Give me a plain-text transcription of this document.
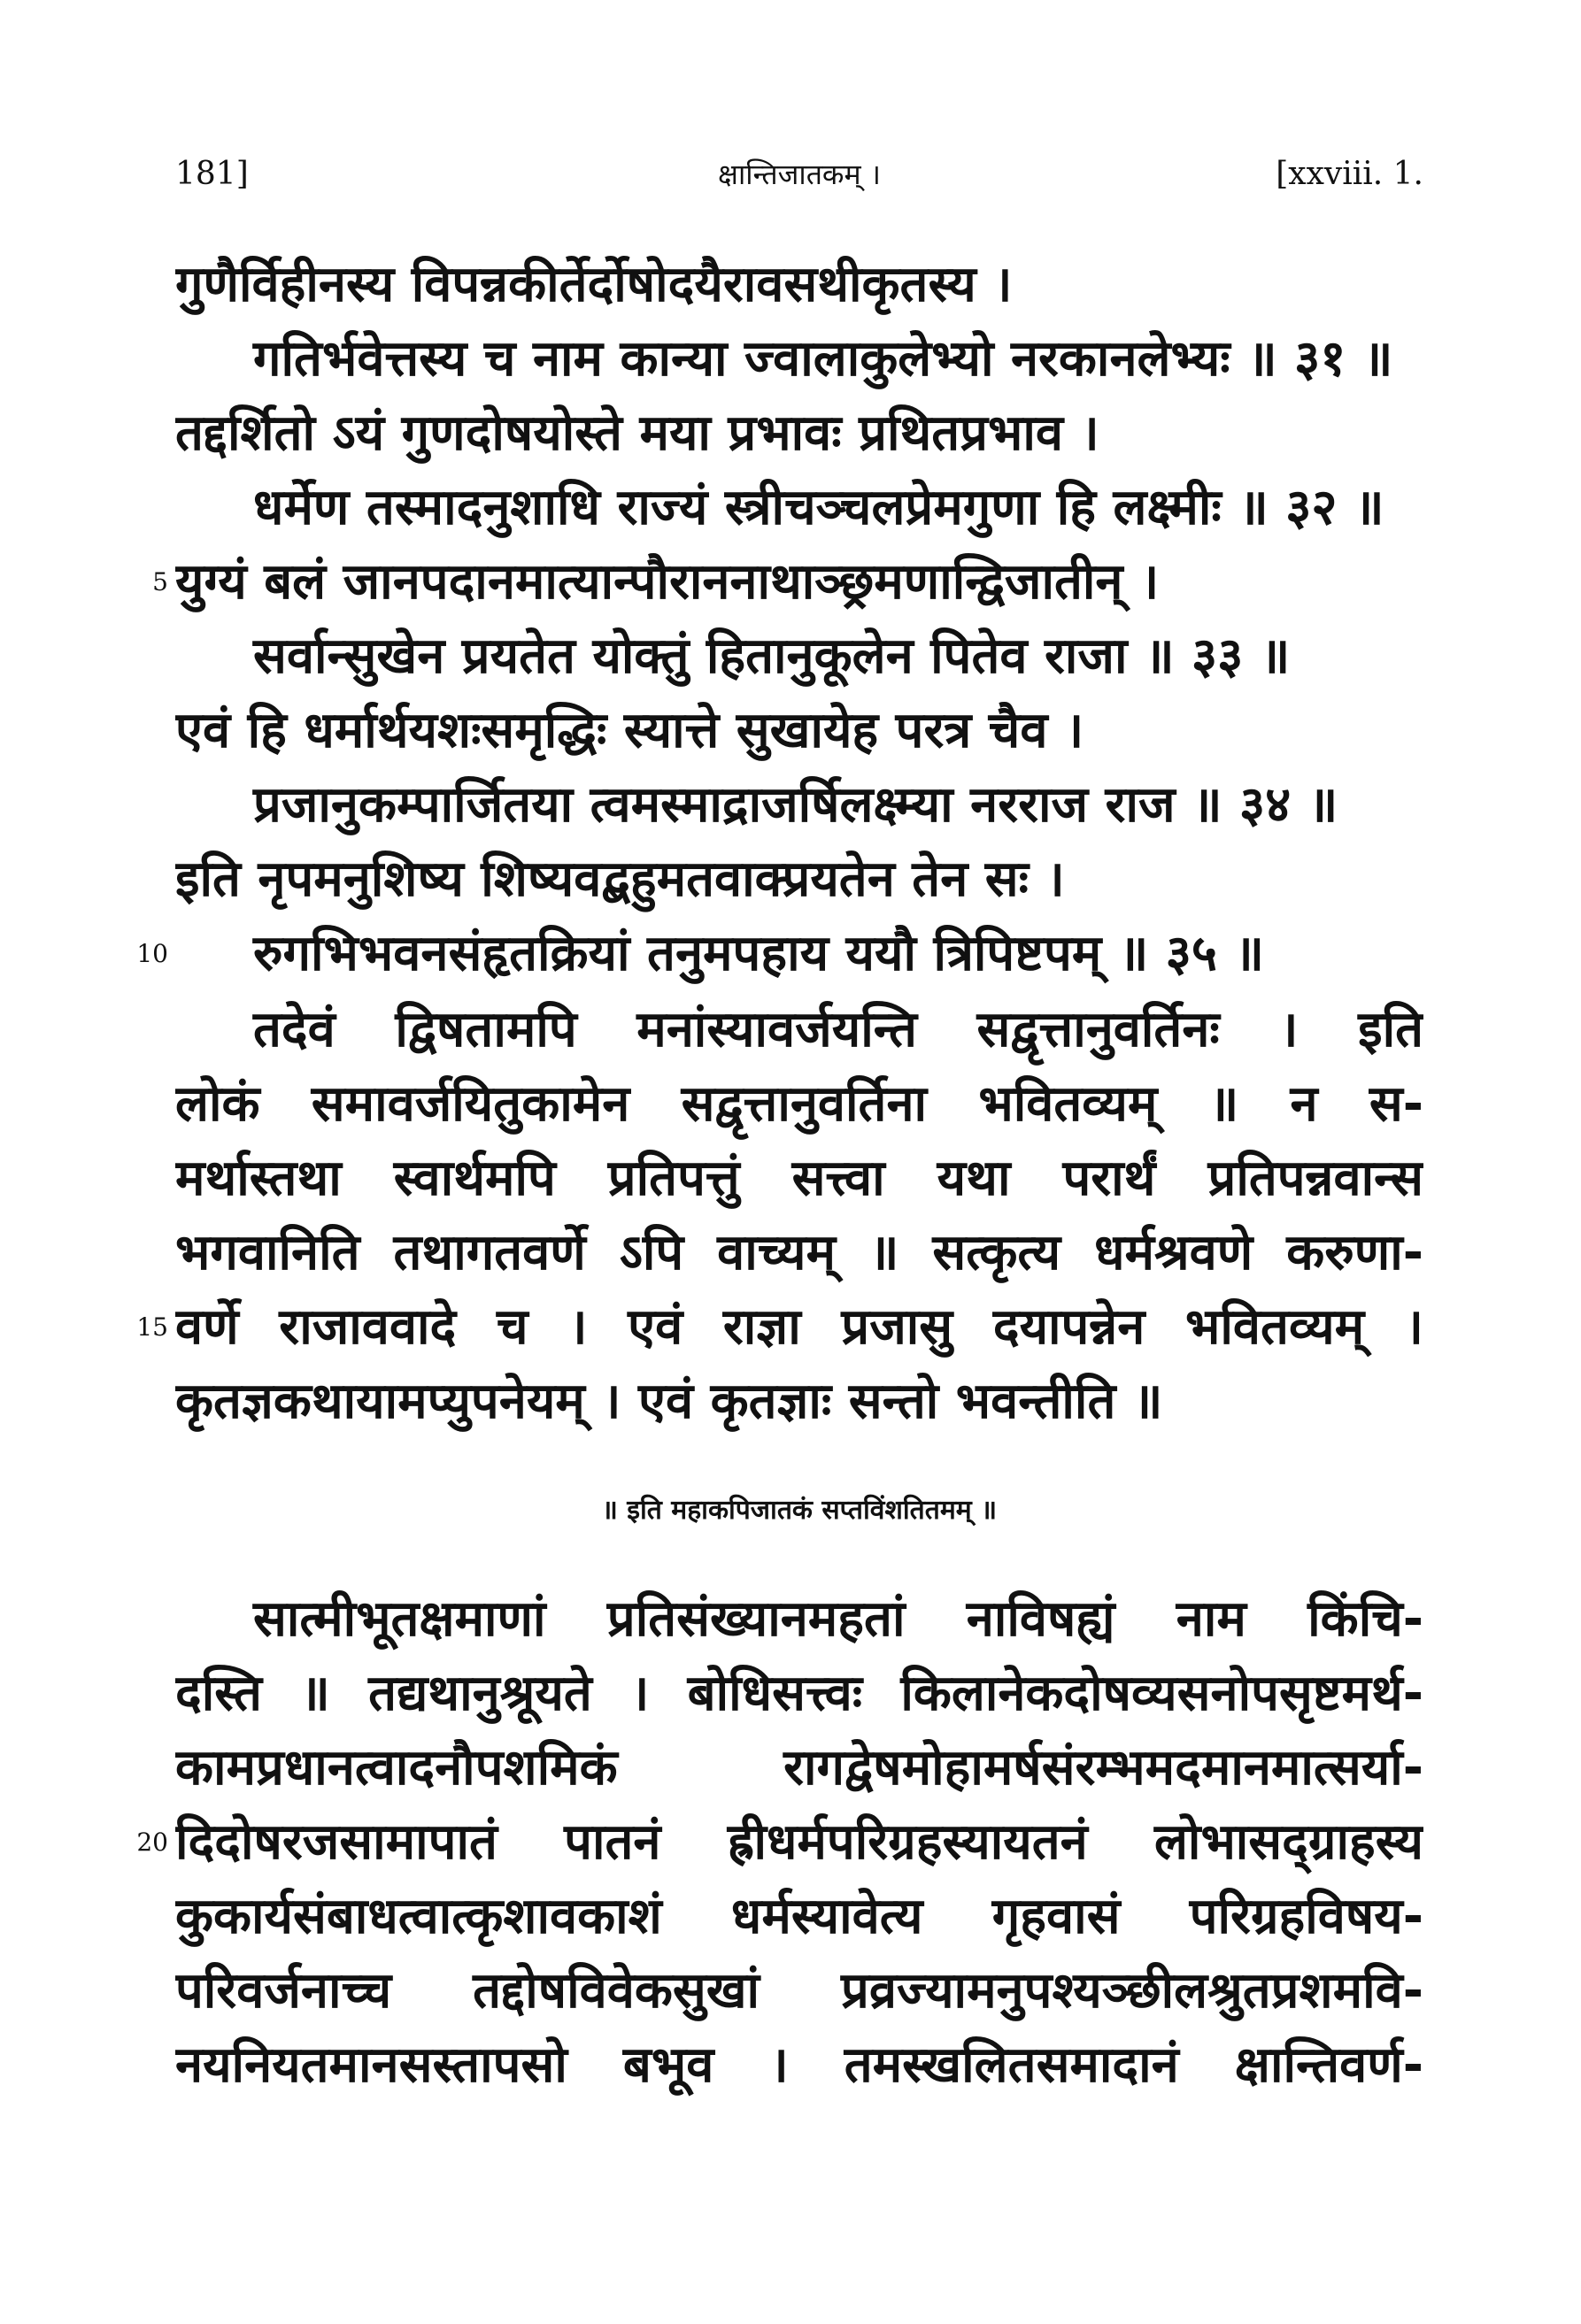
181]	क्षान्तिजातकम् ।	[xxviii. 1.
गुणैर्विहीनस्य विपन्नकीर्तेर्दोषोदयैरावसथीकृतस्य ।
गतिर्भवेत्तस्य च नाम कान्या ज्वालाकुलेभ्यो नरकानलेभ्यः ॥ ३१ ॥
तद्दर्शितो ऽयं गुणदोषयोस्ते मया प्रभावः प्रथितप्रभाव ।
धर्मेण तस्मादनुशाधि राज्यं स्त्रीचञ्चलप्रेमगुणा हि लक्ष्मीः ॥ ३२ ॥
5 युग्यं बलं जानपदानमात्यान्पौराननाथाञ्छ्रमणान्द्विजातीन् ।
सर्वान्सुखेन प्रयतेत योक्तुं हितानुकूलेन पितेव राजा ॥ ३३ ॥
एवं हि धर्मार्थयशःसमृद्धिः स्यात्ते सुखायेह परत्र चैव ।
प्रजानुकम्पार्जितया त्वमस्माद्राजर्षिलक्ष्म्या नरराज राज ॥ ३४ ॥
इति नृपमनुशिष्य शिष्यवद्बहुमतवाक्प्रयतेन तेन सः ।
10	रुगभिभवनसंहृतक्रियां तनुमपहाय ययौ त्रिपिष्टपम् ॥ ३५ ॥
तदेवं द्विषतामपि मनांस्यावर्जयन्ति सद्वृत्तानुवर्तिनः । इति
लोकं समावर्जयितुकामेन सद्वृत्तानुवर्तिना भवितव्यम् ॥ न स-
मर्थास्तथा स्वार्थमपि प्रतिपत्तुं सत्त्वा यथा परार्थं प्रतिपन्नवान्स
भगवानिति तथागतवर्णे ऽपि वाच्यम् ॥ सत्कृत्य धर्मश्रवणे करुणा-
15 वर्णे राजाववादे च । एवं राज्ञा प्रजासु दयापन्नेन भवितव्यम् ।
कृतज्ञकथायामप्युपनेयम् । एवं कृतज्ञाः सन्तो भवन्तीति ॥
॥ इति महाकपिजातकं सप्तविंशतितमम् ॥
सात्मीभूतक्षमाणां प्रतिसंख्यानमहतां नाविषह्यं नाम किंचि-
दस्ति ॥ तद्यथानुश्रूयते । बोधिसत्त्वः किलानेकदोषव्यसनोपसृष्टमर्थ-
कामप्रधानत्वादनौपशमिकं रागद्वेषमोहामर्षसंरम्भमदमानमात्सर्या-
20 दिदोषरजसामापातं पातनं ह्रीधर्मपरिग्रहस्यायतनं लोभासद्ग्राहस्य
कुकार्यसंबाधत्वात्कृशावकाशं धर्मस्यावेत्य गृहवासं परिग्रहविषय-
परिवर्जनाच्च तद्दोषविवेकसुखां प्रव्रज्यामनुपश्यञ्छीलश्रुतप्रशमवि-
नयनियतमानसस्तापसो बभूव । तमस्खलितसमादानं क्षान्तिवर्ण-
